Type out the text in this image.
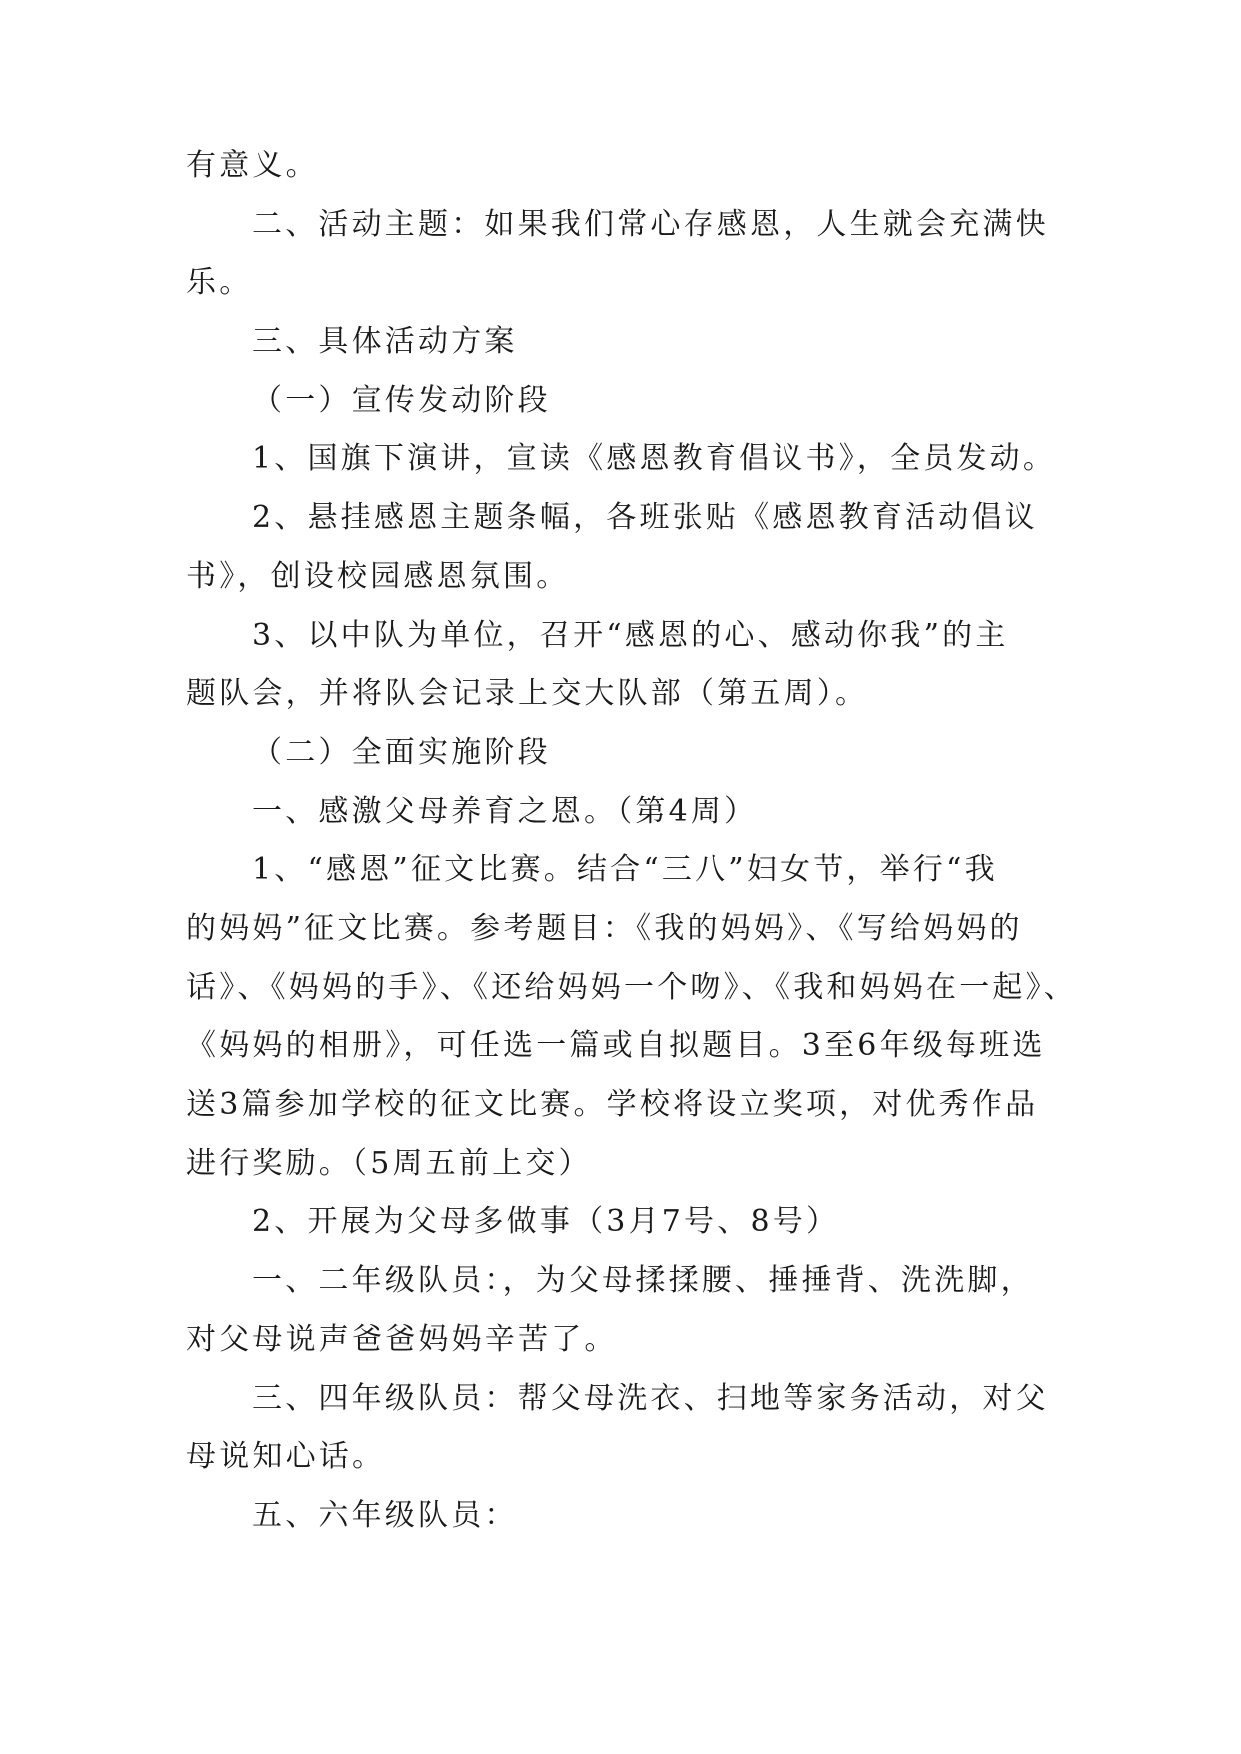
有意义。

二、活动主题：如果我们常心存感恩，人生就会充满快

乐。

三、具体活动方案

（一）宣传发动阶段

1、国旗下演讲，宣读《感恩教育倡议书》，全员发动。

2、悬挂感恩主题条幅，各班张贴《感恩教育活动倡议

书》，创设校园感恩氛围。

3、以中队为单位，召开“感恩的心、感动你我”的主

题队会，并将队会记录上交大队部（第五周）。

（二）全面实施阶段

一、感激父母养育之恩。（第4周）

1、“感恩”征文比赛。结合“三八”妇女节，举行“我

的妈妈”征文比赛。参考题目：《我的妈妈》、《写给妈妈的

话》、《妈妈的手》、《还给妈妈一个吻》、《我和妈妈在一起》、

《妈妈的相册》，可任选一篇或自拟题目。3至6年级每班选

送3篇参加学校的征文比赛。学校将设立奖项，对优秀作品

进行奖励。（5周五前上交）

2、开展为父母多做事（3月7号、8号）

一、二年级队员：，为父母揉揉腰、捶捶背、洗洗脚，

对父母说声爸爸妈妈辛苦了。

三、四年级队员：帮父母洗衣、扫地等家务活动，对父

母说知心话。

五、六年级队员：
